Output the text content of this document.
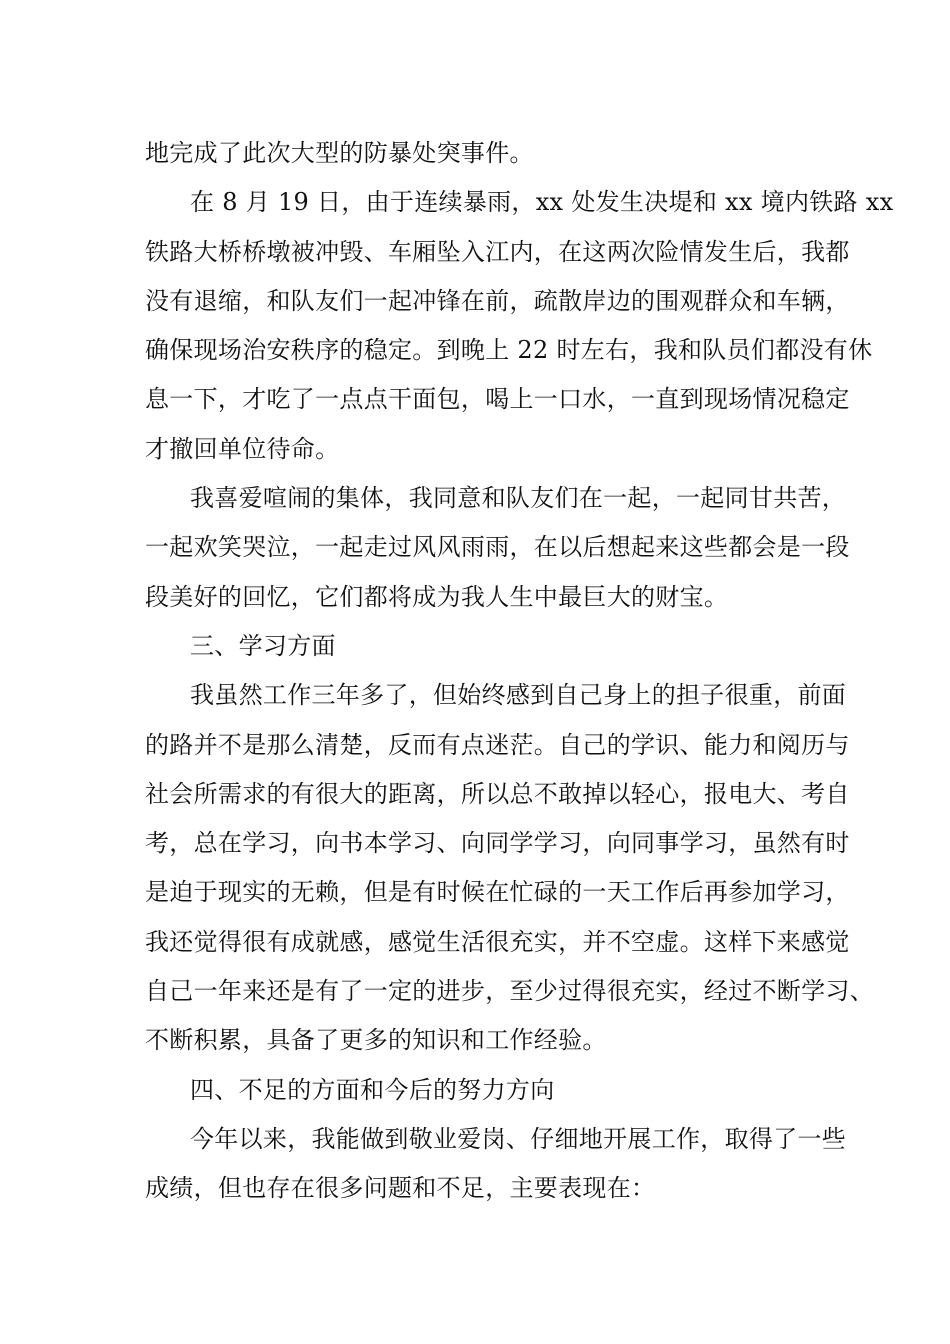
地完成了此次大型的防暴处突事件。
在 8 月 19 日，由于连续暴雨，xx 处发生决堤和 xx 境内铁路 xx
铁路大桥桥墩被冲毁、车厢坠入江内，在这两次险情发生后，我都
没有退缩，和队友们一起冲锋在前，疏散岸边的围观群众和车辆，
确保现场治安秩序的稳定。到晚上 22 时左右，我和队员们都没有休
息一下，才吃了一点点干面包，喝上一口水，一直到现场情况稳定
才撤回单位待命。
我喜爱喧闹的集体，我同意和队友们在一起，一起同甘共苦，
一起欢笑哭泣，一起走过风风雨雨，在以后想起来这些都会是一段
段美好的回忆，它们都将成为我人生中最巨大的财宝。
三、学习方面
我虽然工作三年多了，但始终感到自己身上的担子很重，前面
的路并不是那么清楚，反而有点迷茫。自己的学识、能力和阅历与
社会所需求的有很大的距离，所以总不敢掉以轻心，报电大、考自
考，总在学习，向书本学习、向同学学习，向同事学习，虽然有时
是迫于现实的无赖，但是有时候在忙碌的一天工作后再参加学习，
我还觉得很有成就感，感觉生活很充实，并不空虚。这样下来感觉
自己一年来还是有了一定的进步，至少过得很充实，经过不断学习、
不断积累，具备了更多的知识和工作经验。
四、不足的方面和今后的努力方向
今年以来，我能做到敬业爱岗、仔细地开展工作，取得了一些
成绩，但也存在很多问题和不足，主要表现在：
